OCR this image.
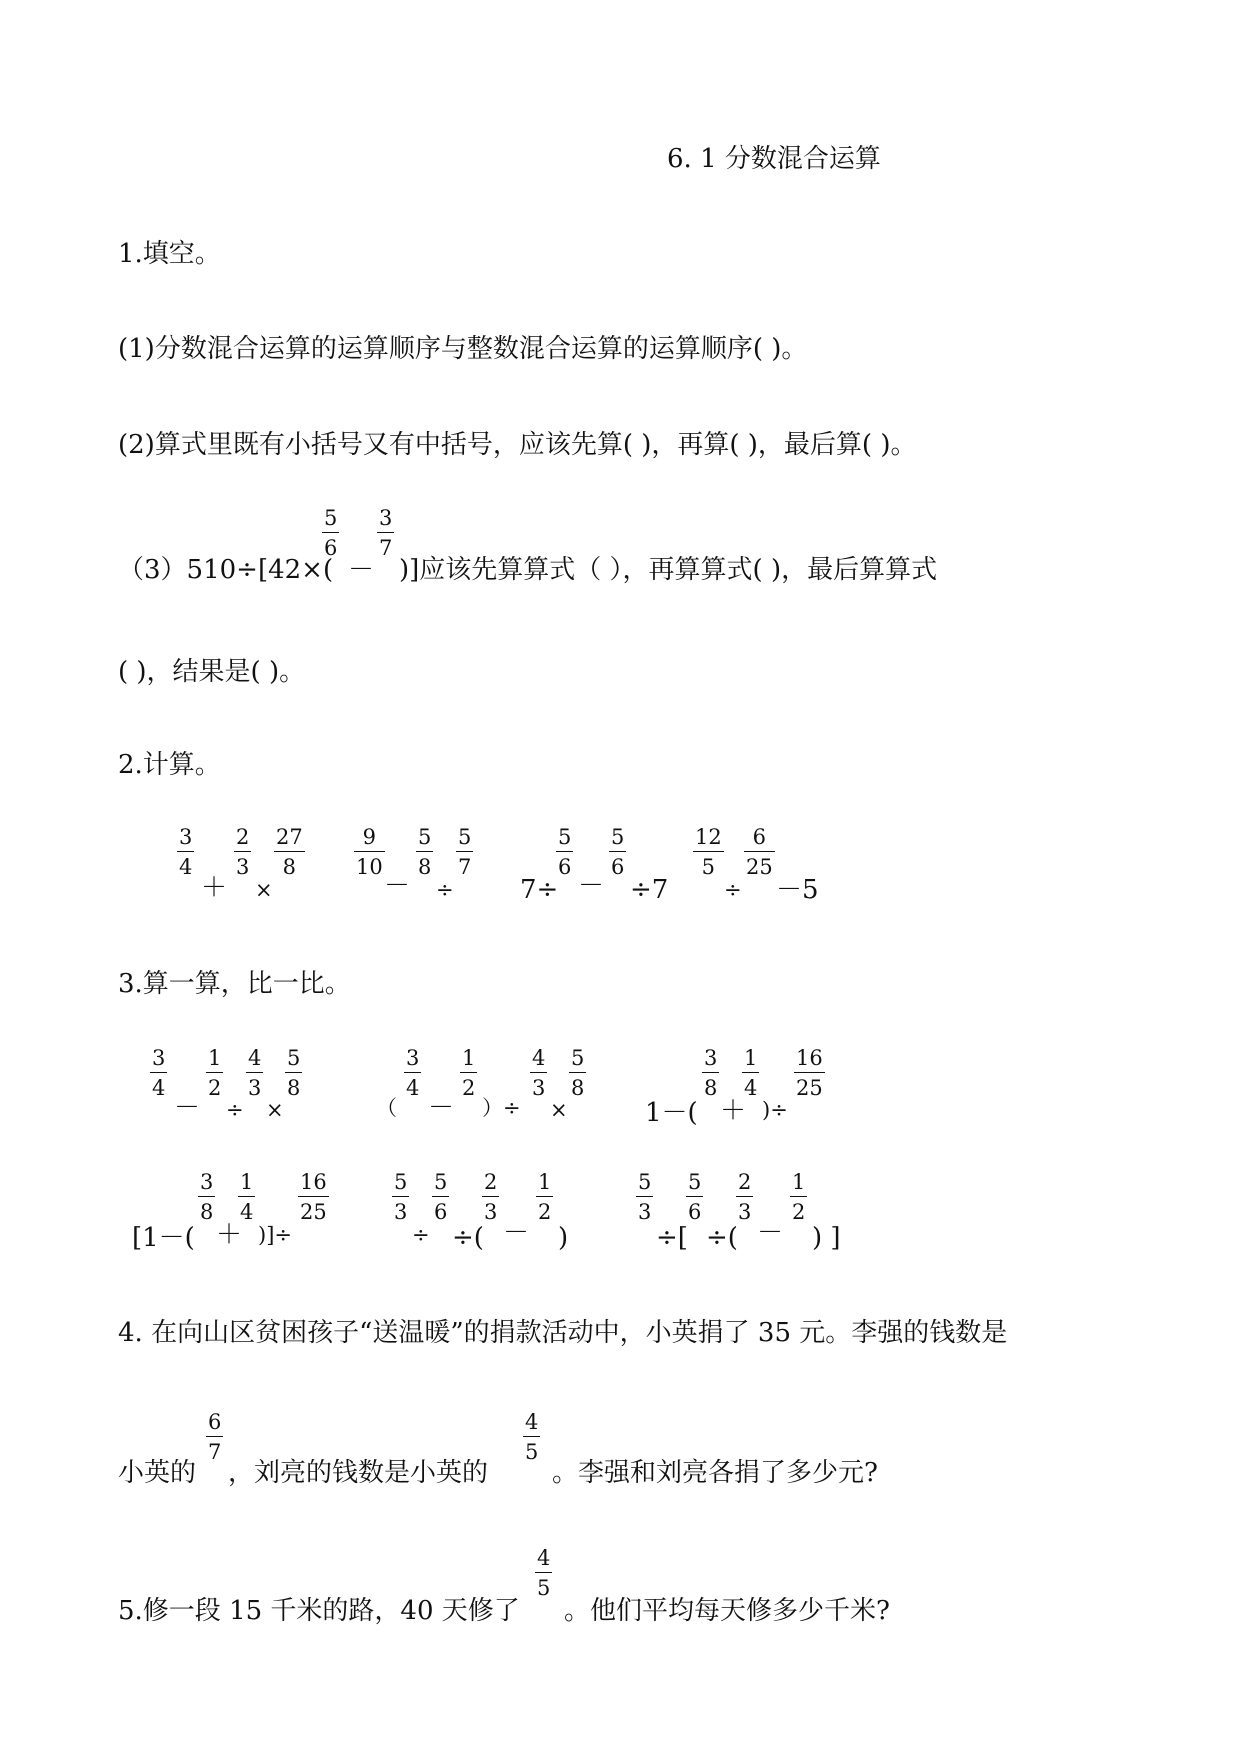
6. 1 分数混合运算
1.填空。
(1)分数混合运算的运算顺序与整数混合运算的运算顺序( )。
(2)算式里既有小括号又有中括号，应该先算( )，再算( )，最后算( )。
（3）510÷[42×(
5
6
－
3
7
)]应该先算算式（ ），再算算式( )，最后算算式
( )，结果是( )。
2.计算。
3
4
＋
2
3
×
27
8
9
10
－
5
8
÷
5
7
7÷
5
6
－
5
6
÷7
12
5
÷
6
25
－5
3.算一算，比一比。
3
4
－
1
2
÷
4
3
×
5
8
（
3
4
－
1
2
）÷
4
3
×
5
8
1－(
3
8
＋
1
4
)÷
16
25
[1－(
3
8
＋
1
4
)]÷
16
25
5
3
÷
5
6
÷(
2
3
－
1
2
)
5
3
÷[
5
6
÷(
2
3
－
1
2
) ]
4. 在向山区贫困孩子“送温暖”的捐款活动中，小英捐了 35 元。李强的钱数是
小英的
6
7
，刘亮的钱数是小英的
4
5
。李强和刘亮各捐了多少元?
5.修一段 15 千米的路，40 天修了
4
5
。他们平均每天修多少千米?
